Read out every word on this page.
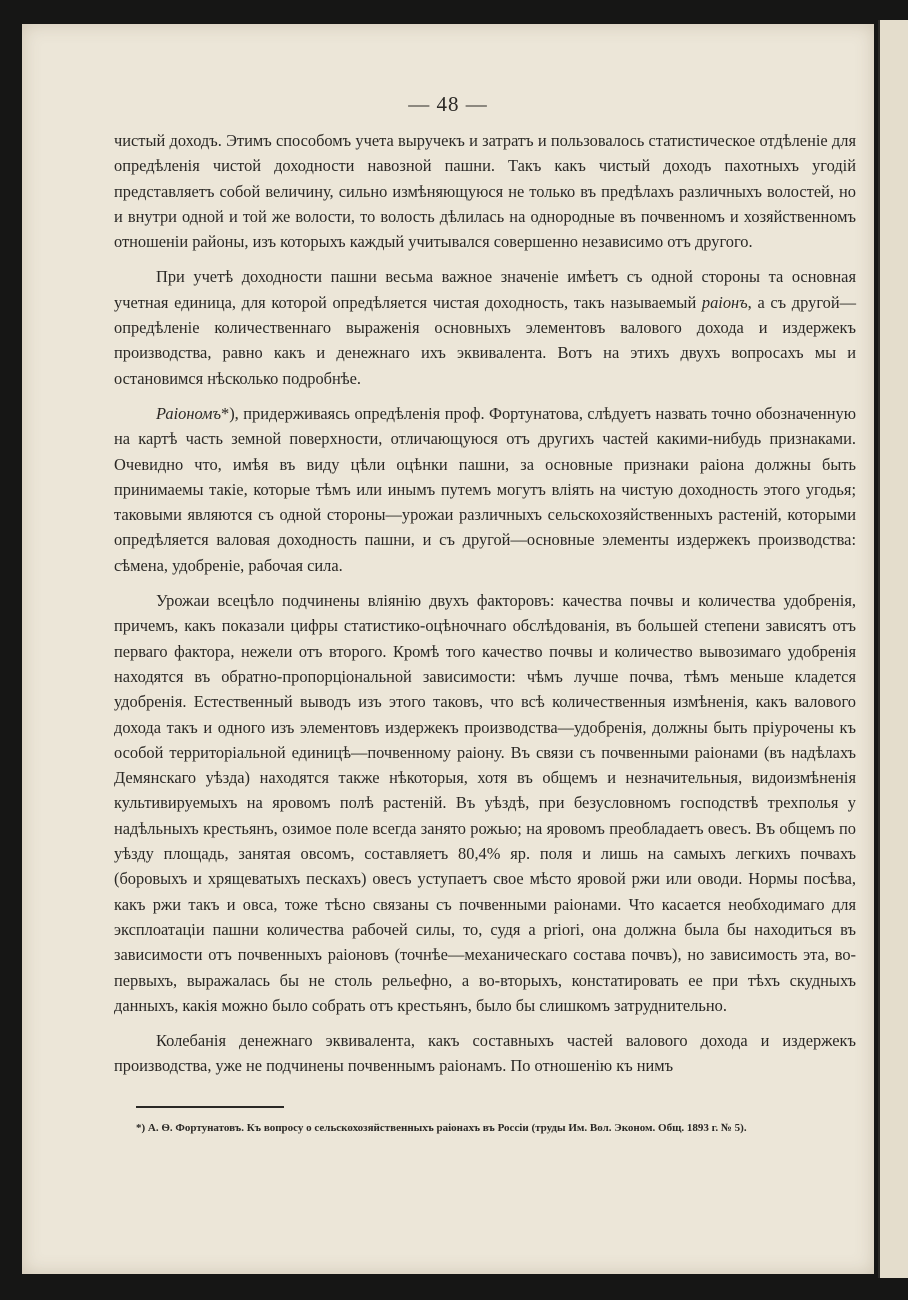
— 48 —

чистый доходъ. Этимъ способомъ учета выручекъ и затратъ и пользовалось статистическое отдѣленіе для опредѣленія чистой доходности навозной пашни. Такъ какъ чистый доходъ пахотныхъ угодій представляетъ собой величину, сильно измѣняющуюся не только въ предѣлахъ различныхъ волостей, но и внутри одной и той же волости, то волость дѣлилась на однородные въ почвенномъ и хозяйственномъ отношеніи районы, изъ которыхъ каждый учитывался совершенно независимо отъ другого.

При учетѣ доходности пашни весьма важное значеніе имѣетъ съ одной стороны та основная учетная единица, для которой опредѣляется чистая доходность, такъ называемый раіонъ, а съ другой—опредѣленіе количественнаго выраженія основныхъ элементовъ валового дохода и издержекъ производства, равно какъ и денежнаго ихъ эквивалента. Вотъ на этихъ двухъ вопросахъ мы и остановимся нѣсколько подробнѣе.

Раіономъ*), придерживаясь опредѣленія проф. Фортунатова, слѣдуетъ назвать точно обозначенную на картѣ часть земной поверхности, отличающуюся отъ другихъ частей какими-нибудь признаками. Очевидно что, имѣя въ виду цѣли оцѣнки пашни, за основные признаки раіона должны быть принимаемы такіе, которые тѣмъ или инымъ путемъ могутъ вліять на чистую доходность этого угодья; таковыми являются съ одной стороны—урожаи различныхъ сельскохозяйственныхъ растеній, которыми опредѣляется валовая доходность пашни, и съ другой—основные элементы издержекъ производства: сѣмена, удобреніе, рабочая сила.

Урожаи всецѣло подчинены вліянію двухъ факторовъ: качества почвы и количества удобренія, причемъ, какъ показали цифры статистико-оцѣночнаго обслѣдованія, въ большей степени зависятъ отъ перваго фактора, нежели отъ второго. Кромѣ того качество почвы и количество вывозимаго удобренія находятся въ обратно-пропорціональной зависимости: чѣмъ лучше почва, тѣмъ меньше кладется удобренія. Естественный выводъ изъ этого таковъ, что всѣ количественныя измѣненія, какъ валового дохода такъ и одного изъ элементовъ издержекъ производства—удобренія, должны быть пріурочены къ особой территоріальной единицѣ—почвенному раіону. Въ связи съ почвенными раіонами (въ надѣлахъ Демянскаго уѣзда) находятся также нѣкоторыя, хотя въ общемъ и незначительныя, видоизмѣненія культивируемыхъ на яровомъ полѣ растеній. Въ уѣздѣ, при безусловномъ господствѣ трехполья у надѣльныхъ крестьянъ, озимое поле всегда занято рожью; на яровомъ преобладаетъ овесъ. Въ общемъ по уѣзду площадь, занятая овсомъ, составляетъ 80,4% яр. поля и лишь на самыхъ легкихъ почвахъ (боровыхъ и хрящеватыхъ пескахъ) овесъ уступаетъ свое мѣсто яровой ржи или оводи. Нормы посѣва, какъ ржи такъ и овса, тоже тѣсно связаны съ почвенными раіонами. Что касается необходимаго для эксплоатаціи пашни количества рабочей силы, то, судя a priori, она должна была бы находиться въ зависимости отъ почвенныхъ раіоновъ (точнѣе—механическаго состава почвъ), но зависимость эта, во-первыхъ, выражалась бы не столь рельефно, а во-вторыхъ, констатировать ее при тѣхъ скудныхъ данныхъ, какія можно было собрать отъ крестьянъ, было бы слишкомъ затруднительно.

Колебанія денежнаго эквивалента, какъ составныхъ частей валового дохода и издержекъ производства, уже не подчинены почвеннымъ раіонамъ. По отношенію къ нимъ

*) А. Ѳ. Фортунатовъ. Къ вопросу о сельскохозяйственныхъ раіонахъ въ Россіи (труды Им. Вол. Эконом. Общ. 1893 г. № 5).
